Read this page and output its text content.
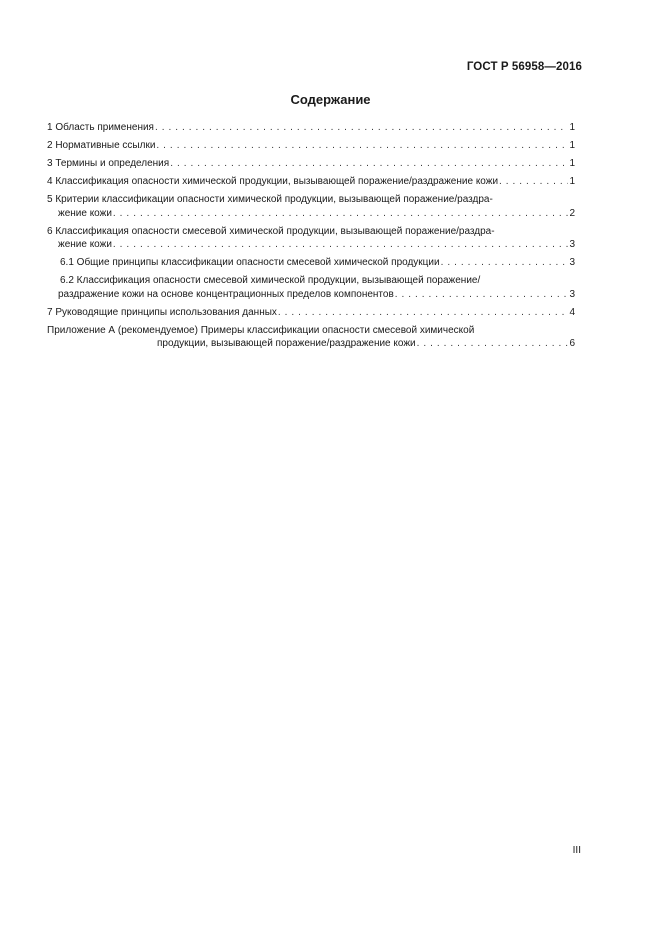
ГОСТ Р 56958—2016
Содержание
1 Область применения . . .	1
2 Нормативные ссылки . . .	1
3 Термины и определения . . .	1
4 Классификация опасности химической продукции, вызывающей поражение/раздражение кожи . . .	1
5 Критерии классификации опасности химической продукции, вызывающей поражение/раздра-
жение кожи . . .	2
6 Классификация опасности смесевой химической продукции, вызывающей поражение/раздра-
жение кожи . . .	3
6.1 Общие принципы классификации опасности смесевой химической продукции . . .	3
6.2 Классификация опасности смесевой химической продукции, вызывающей поражение/
раздражение кожи на основе концентрационных пределов компонентов . . .	3
7 Руководящие принципы использования данных . . .	4
Приложение А (рекомендуемое) Примеры классификации опасности смесевой химической
продукции, вызывающей поражение/раздражение кожи . . .	6
III
